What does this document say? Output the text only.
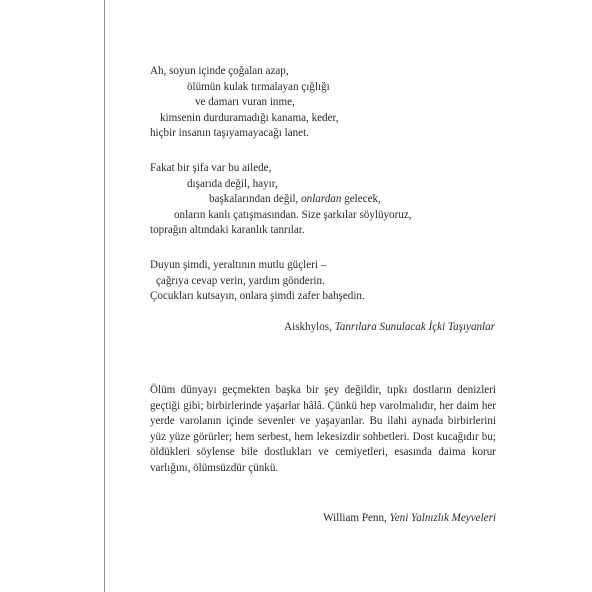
Ah, soyun içinde çoğalan azap,
ölümün kulak tırmalayan çığlığı
ve damarı vuran inme,
kimsenin durduramadığı kanama, keder,
hiçbir insanın taşıyamayacağı lanet.
Fakat bir şifa var bu ailede,
dışarıda değil, hayır,
başkalarından değil, onlardan gelecek,
onların kanlı çatışmasından. Size şarkılar söylüyoruz,
toprağın altındaki karanlık tanrılar.
Duyun şimdi, yeraltının mutlu güçleri –
çağrıya cevap verin, yardım gönderin.
Çocukları kutsayın, onlara şimdi zafer bahşedin.
Aiskhylos, Tanrılara Sunulacak İçki Taşıyanlar
Ölüm dünyayı geçmekten başka bir şey değildir, tıpkı dostların denizleri geçtiği gibi; birbirlerinde yaşarlar hâlâ. Çünkü hep varolmalıdır, her daim her yerde varolanın içinde sevenler ve yaşayanlar. Bu ilahi aynada birbirlerini yüz yüze görürler; hem serbest, hem lekesizdir sohbetleri. Dost kucağıdır bu; öldükleri söylense bile dostlukları ve cemiyetleri, esasında daima korur varlığını, ölümsüzdür çünkü.
William Penn, Yeni Yalnızlık Meyveleri
